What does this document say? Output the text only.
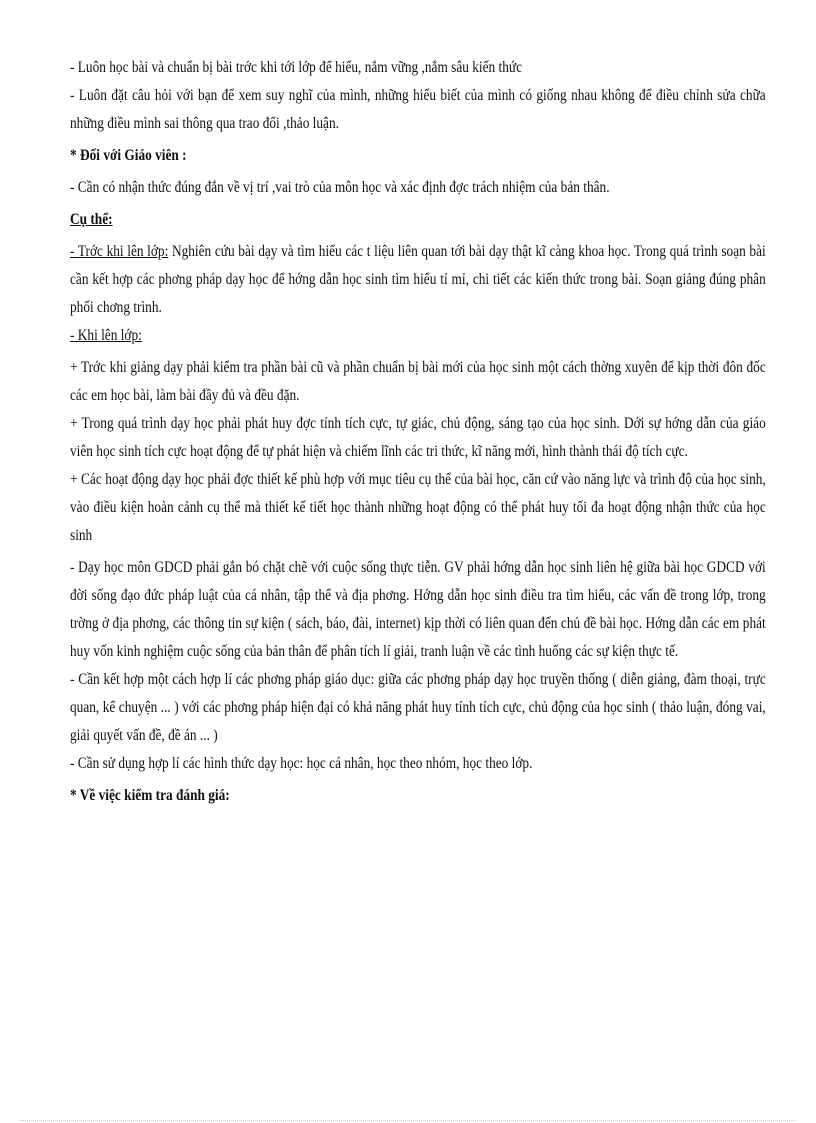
- Luôn học bài và chuẩn bị bài trớc khi tới lớp để hiểu, nắm vững ,nắm sâu kiến thức

- Luôn đặt câu hỏi với bạn để xem suy nghĩ của mình, những hiểu biết của mình có giống nhau không để điều chỉnh sửa chữa những điều mình sai thông qua trao đổi ,thảo luận.

* Đối với Giáo viên :

- Cần có nhận thức đúng đắn về vị trí ,vai trò của môn học và xác định đợc trách nhiệm của bản thân.

Cụ thể:

- Trớc khi lên lớp: Nghiên cứu bài dạy và tìm hiểu các t liệu liên quan tới bài dạy thật kĩ càng khoa học. Trong quá trình soạn bài cần kết hợp các phơng pháp dạy học để hớng dẫn học sinh tìm hiểu tỉ mỉ, chi tiết các kiến thức trong bài. Soạn giảng đúng phân phối chơng trình.

- Khi lên lớp:

+ Trớc khi giảng dạy phải kiểm tra phần bài cũ và phần chuẩn bị bài mới của học sinh một cách thờng xuyên để kịp thời đôn đốc các em học bài, làm bài đầy đủ và đều đặn.

+ Trong quá trình dạy học phải phát huy đợc tính tích cực, tự giác, chủ động, sáng tạo của học sinh. Dới sự hớng dẫn của giáo viên học sinh tích cực hoạt động để tự phát hiện và chiếm lĩnh các tri thức, kĩ năng mới, hình thành thái độ tích cực.

+ Các hoạt động dạy học phải đợc thiết kế phù hợp với mục tiêu cụ thể của bài học, căn cứ vào năng lực và trình độ của học sinh, vào điều kiện hoàn cảnh cụ thể mà thiết kế tiết học thành những hoạt động có thể phát huy tối đa hoạt động nhận thức của học sinh

- Dạy học môn GDCD phải gắn bó chặt chẽ với cuộc sống thực tiễn. GV phải hớng dẫn học sinh liên hệ giữa bài học GDCD với đời sống đạo đức pháp luật của cá nhân, tập thể và địa phơng. Hớng dẫn học sinh điều tra tìm hiểu, các vấn đề trong lớp, trong trờng ở địa phơng, các thông tin sự kiện ( sách, báo, đài, internet) kịp thời có liên quan đến chủ đề bài học. Hớng dẫn các em phát huy vốn kinh nghiệm cuộc sống của bản thân để phân tích lí giải, tranh luận về các tình huống các sự kiện thực tế.

- Cần kết hợp một cách hợp lí các phơng pháp giáo dục: giữa các phơng pháp dạy học truyền thống ( diễn giảng, đàm thoại, trực quan, kể chuyện ... ) với các phơng pháp hiện đại có khả năng phát huy tính tích cực, chủ động của học sinh ( thảo luận, đóng vai, giải quyết vấn đề, đề án ... )

- Cần sử dụng hợp lí các hình thức dạy học: học cá nhân, học theo nhóm, học theo lớp.

* Về việc kiểm tra đánh giá:
